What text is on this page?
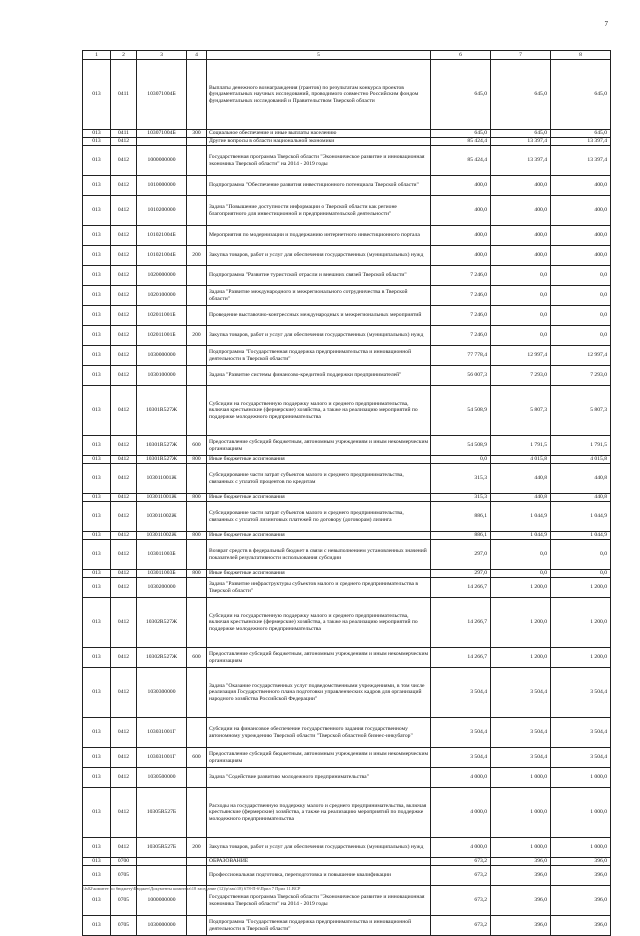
7
1	2	3	4	5	6	7	8
013	0411	103071004Б		Выплаты денежного вознаграждения (грантов) по результатам конкурса проектов фундаментальных научных исследований, проводимого совместно Российским фондом фундаментальных исследований и Правительством Тверской области	645,0	645,0	645,0
013	0411	103071004Б	300	Социальное обеспечение и иные выплаты населению	645,0	645,0	645,0
013	0412			Другие вопросы в области национальной экономики	85 424,4	13 397,4	13 397,4
013	0412	1000000000		Государственная программа Тверской области "Экономическое развитие и инновационная экономика Тверской области" на 2014 - 2019 годы	85 424,4	13 397,4	13 397,4
013	0412	1010000000		Подпрограмма "Обеспечение развития инвестиционного потенциала Тверской области"	400,0	400,0	400,0
013	0412	1010200000		Задача "Повышение доступности информации о Тверской области как регионе благоприятного для инвестиционной и предпринимательской деятельности"	400,0	400,0	400,0
013	0412	101021004Б		Мероприятия по модернизации и поддержанию интернетного инвестиционного портала	400,0	400,0	400,0
013	0412	101021004Б	200	Закупка товаров, работ и услуг для обеспечения государственных (муниципальных) нужд	400,0	400,0	400,0
013	0412	1020000000		Подпрограмма "Развитие туристской отрасли и внешних связей Тверской области"	7 246,0	0,0	0,0
013	0412	1020100000		Задача "Развитие международного и межрегионального сотрудничества в Тверской области"	7 246,0	0,0	0,0
013	0412	102011001Б		Проведение выставочно-конгрессных международных и межрегиональных мероприятий	7 246,0	0,0	0,0
013	0412	102011001Б	200	Закупка товаров, работ и услуг для обеспечения государственных (муниципальных) нужд	7 246,0	0,0	0,0
013	0412	1030000000		Подпрограмма "Государственная поддержка предпринимательства и инновационной деятельности в Тверской области"	77 778,4	12 997,4	12 997,4
013	0412	1030100000		Задача "Развитие системы финансово-кредитной поддержки предпринимателей"	56 007,3	7 293,0	7 293,0
013	0412	10301R527Ж		Субсидии на государственную поддержку малого и среднего предпринимательства, включая крестьянские (фермерские) хозяйства, а также на реализацию мероприятий по поддержке молодежного предпринимательства	54 508,9	5 807,3	5 807,3
013	0412	10301R527Ж	600	Предоставление субсидий бюджетным, автономным учреждениям и иным некоммерческим организациям	54 508,9	1 791,5	1 791,5
013	0412	10301R527Ж	800	Иные бюджетные ассигнования	0,0	4 015,8	4 015,8
013	0412	103011001Ж		Субсидирование части затрат субъектов малого и среднего предпринимательства, связанных с уплатой процентов по кредитам	315,3	440,8	440,8
013	0412	103011001Ж	800	Иные бюджетные ассигнования	315,3	440,8	440,8
013	0412	103011002Ж		Субсидирование части затрат субъектов малого и среднего предпринимательства, связанных с уплатой лизинговых платежей по договору (договорам) лизинга	886,1	1 044,9	1 044,9
013	0412	103011002Ж	800	Иные бюджетные ассигнования	886,1	1 044,9	1 044,9
013	0412	103011003Б		Возврат средств в федеральный бюджет в связи с невыполнением установленных значений показателей результативности использования субсидии	297,0	0,0	0,0
013	0412	103011003Б	800	Иные бюджетные ассигнования	297,0	0,0	0,0
013	0412	1030200000		Задача "Развитие инфраструктуры субъектов малого и среднего предпринимательства в Тверской области"	14 266,7	1 200,0	1 200,0
013	0412	10302R527Ж		Субсидии на государственную поддержку малого и среднего предпринимательства, включая крестьянские (фермерские) хозяйства, а также на реализацию мероприятий по поддержке молодежного предпринимательства	14 266,7	1 200,0	1 200,0
013	0412	10302R527Ж	600	Предоставление субсидий бюджетным, автономным учреждениям и иным некоммерческим организациям	14 266,7	1 200,0	1 200,0
013	0412	1030300000		Задача "Оказание государственных услуг подведомственными учреждениями, в том числе реализация Государственного плана подготовки управленческих кадров для организаций народного хозяйства Российской Федерации"	3 504,4	3 504,4	3 504,4
013	0412	103031001Г		Субсидии на финансовое обеспечение государственного задания государственному автономному учреждению Тверской области "Тверской областной бизнес-инкубатор"	3 504,4	3 504,4	3 504,4
013	0412	103031001Г	600	Предоставление субсидий бюджетным, автономным учреждениям и иным некоммерческим организациям	3 504,4	3 504,4	3 504,4
013	0412	1030500000		Задача "Содействие развитию молодежного предпринимательства"	4 000,0	1 000,0	1 000,0
013	0412	10305R527Б		Расходы на государственную поддержку малого и среднего предпринимательства, включая крестьянские (фермерские) хозяйства, а также на реализацию мероприятий по поддержке молодежного предпринимательства	4 000,0	1 000,0	1 000,0
013	0412	10305R527Б	200	Закупка товаров, работ и услуг для обеспечения государственных (муниципальных) нужд	4 000,0	1 000,0	1 000,0
013	0700			ОБРАЗОВАНИЕ	673,2	396,0	396,0
013	0705			Профессиональная подготовка, переподготовка и повышение квалификации	673,2	396,0	396,0
013	0705	1000000000		Государственная программа Тверской области "Экономическое развитие и инновационная экономика Тверской области" на 2014 - 2019 годы	673,2	396,0	396,0
013	0705	1030000000		Подпрограмма "Государственная поддержка предпринимательства и инновационной деятельности в Тверской области"	673,2	396,0	396,0
\\fs02\комитет по бюджету\Бюджет\Документы комитета\18 заседание (12)\р\зак\18) 678-П-6\Прил 7 Прил 11.ВСР
